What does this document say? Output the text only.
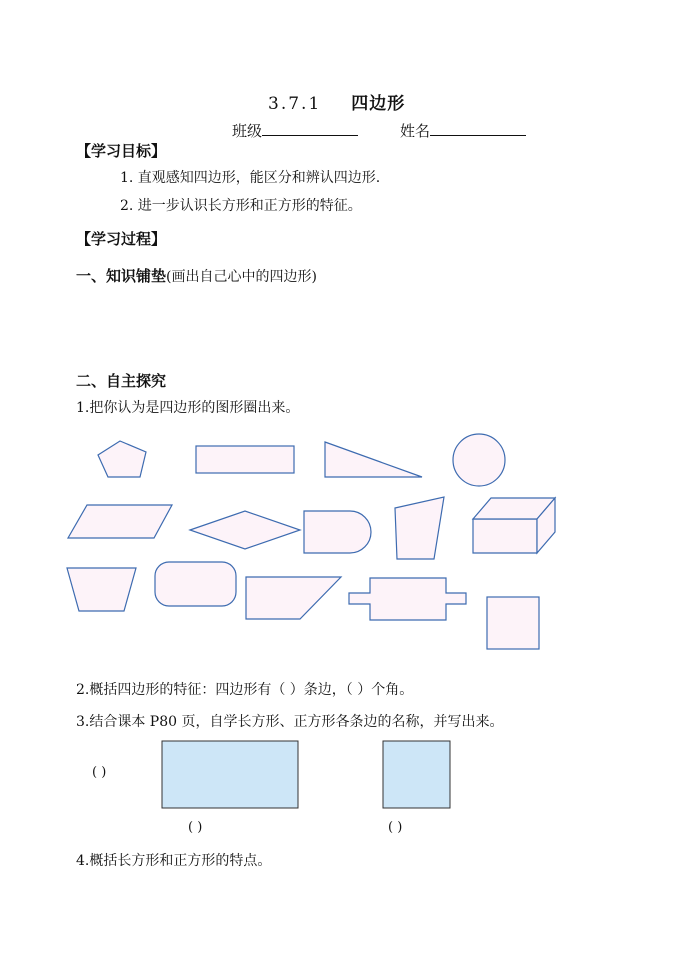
3.7.1 四边形
班级	姓名
【学习目标】
1. 直观感知四边形，能区分和辨认四边形.
2. 进一步认识长方形和正方形的特征。
【学习过程】
一、知识铺垫(画出自己心中的四边形)
二、自主探究
1.把你认为是四边形的图形圈出来。
2.概括四边形的特征：四边形有（ ）条边，（ ）个角。
3.结合课本 P80 页，自学长方形、正方形各条边的名称，并写出来。
( )
( )	( )
4.概括长方形和正方形的特点。
